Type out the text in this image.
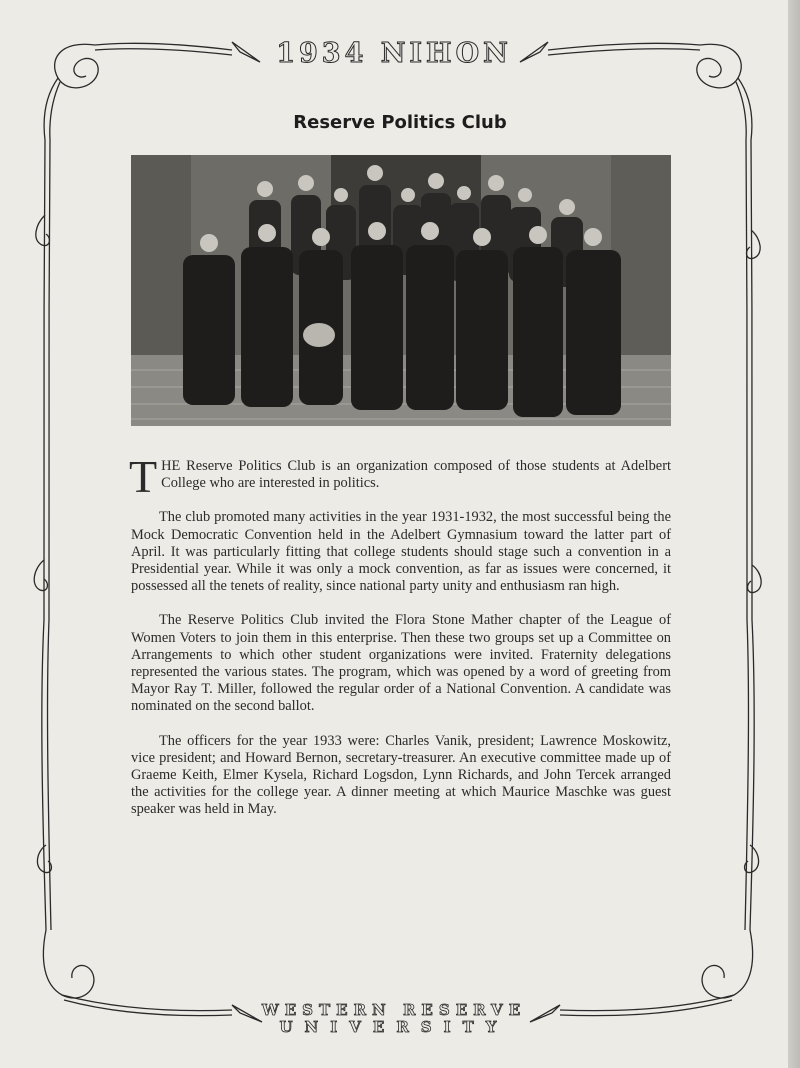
1934 NIHON
Reserve Politics Club

THE Reserve Politics Club is an organization composed of those students at Adelbert College who are interested in politics.

The club promoted many activities in the year 1931-1932, the most successful being the Mock Democratic Convention held in the Adelbert Gymnasium toward the latter part of April. It was particularly fitting that college students should stage such a convention in a Presidential year. While it was only a mock convention, as far as issues were concerned, it possessed all the tenets of reality, since national party unity and enthusiasm ran high.

The Reserve Politics Club invited the Flora Stone Mather chapter of the League of Women Voters to join them in this enterprise. Then these two groups set up a Committee on Arrangements to which other student organizations were invited. Fraternity delegations represented the various states. The program, which was opened by a word of greeting from Mayor Ray T. Miller, followed the regular order of a National Convention. A candidate was nominated on the second ballot.

The officers for the year 1933 were: Charles Vanik, president; Lawrence Moskowitz, vice president; and Howard Bernon, secretary-treasurer. An executive committee made up of Graeme Keith, Elmer Kysela, Richard Logsdon, Lynn Richards, and John Tercek arranged the activities for the college year. A dinner meeting at which Maurice Maschke was guest speaker was held in May.

WESTERN RESERVE
UNIVERSITY
